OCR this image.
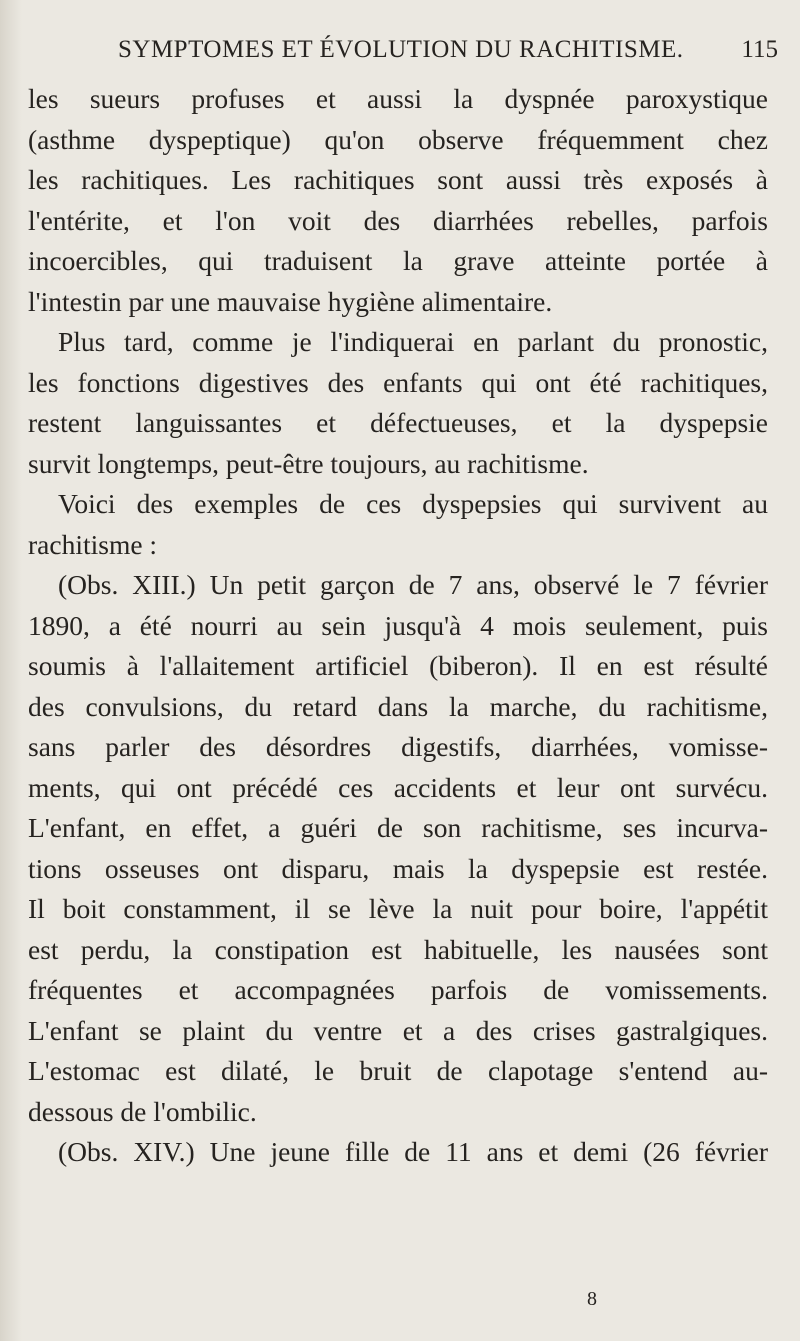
SYMPTOMES ET ÉVOLUTION DU RACHITISME. 115
les sueurs profuses et aussi la dyspnée paroxystique
(asthme dyspeptique) qu'on observe fréquemment chez
les rachitiques. Les rachitiques sont aussi très exposés à
l'entérite, et l'on voit des diarrhées rebelles, parfois
incoercibles, qui traduisent la grave atteinte portée à
l'intestin par une mauvaise hygiène alimentaire.
Plus tard, comme je l'indiquerai en parlant du pronostic,
les fonctions digestives des enfants qui ont été rachitiques,
restent languissantes et défectueuses, et la dyspepsie
survit longtemps, peut-être toujours, au rachitisme.
Voici des exemples de ces dyspepsies qui survivent au
rachitisme :
(Obs. XIII.) Un petit garçon de 7 ans, observé le 7 février
1890, a été nourri au sein jusqu'à 4 mois seulement, puis
soumis à l'allaitement artificiel (biberon). Il en est résulté
des convulsions, du retard dans la marche, du rachitisme,
sans parler des désordres digestifs, diarrhées, vomisse-
ments, qui ont précédé ces accidents et leur ont survécu.
L'enfant, en effet, a guéri de son rachitisme, ses incurva-
tions osseuses ont disparu, mais la dyspepsie est restée.
Il boit constamment, il se lève la nuit pour boire, l'appétit
est perdu, la constipation est habituelle, les nausées sont
fréquentes et accompagnées parfois de vomissements.
L'enfant se plaint du ventre et a des crises gastralgiques.
L'estomac est dilaté, le bruit de clapotage s'entend au-
dessous de l'ombilic.
(Obs. XIV.) Une jeune fille de 11 ans et demi (26 février
8
